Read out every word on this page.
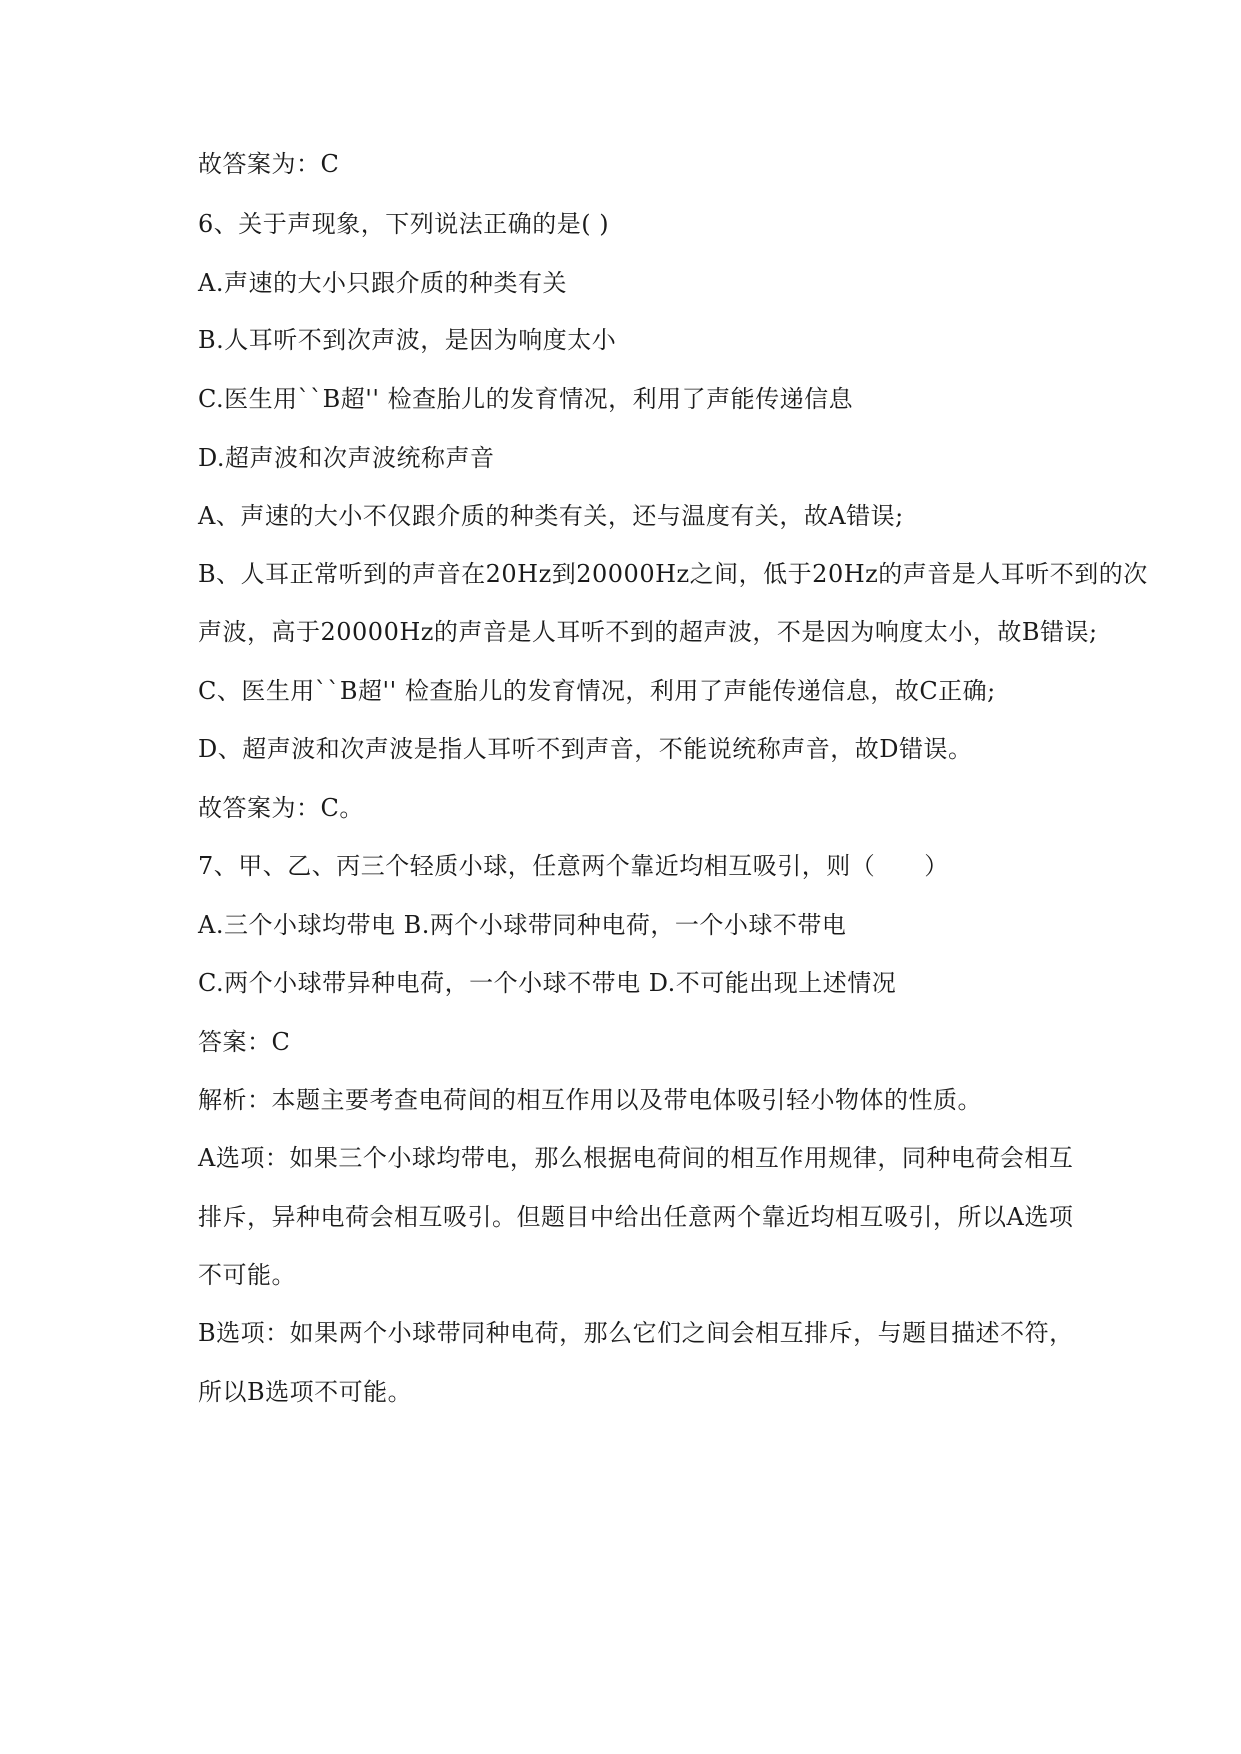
故答案为：C
6、关于声现象，下列说法正确的是( )
A.声速的大小只跟介质的种类有关
B.人耳听不到次声波，是因为响度太小
C.医生用``B超'' 检查胎儿的发育情况，利用了声能传递信息
D.超声波和次声波统称声音
A、声速的大小不仅跟介质的种类有关，还与温度有关，故A错误;
B、人耳正常听到的声音在20Hz到20000Hz之间，低于20Hz的声音是人耳听不到的次
声波，高于20000Hz的声音是人耳听不到的超声波，不是因为响度太小，故B错误;
C、医生用``B超'' 检查胎儿的发育情况，利用了声能传递信息，故C正确;
D、超声波和次声波是指人耳听不到声音，不能说统称声音，故D错误。
故答案为：C。
7、甲、乙、丙三个轻质小球，任意两个靠近均相互吸引，则（　　）
A.三个小球均带电 B.两个小球带同种电荷，一个小球不带电
C.两个小球带异种电荷，一个小球不带电 D.不可能出现上述情况
答案：C
解析：本题主要考查电荷间的相互作用以及带电体吸引轻小物体的性质。
A选项：如果三个小球均带电，那么根据电荷间的相互作用规律，同种电荷会相互
排斥，异种电荷会相互吸引。但题目中给出任意两个靠近均相互吸引，所以A选项
不可能。
B选项：如果两个小球带同种电荷，那么它们之间会相互排斥，与题目描述不符，
所以B选项不可能。
